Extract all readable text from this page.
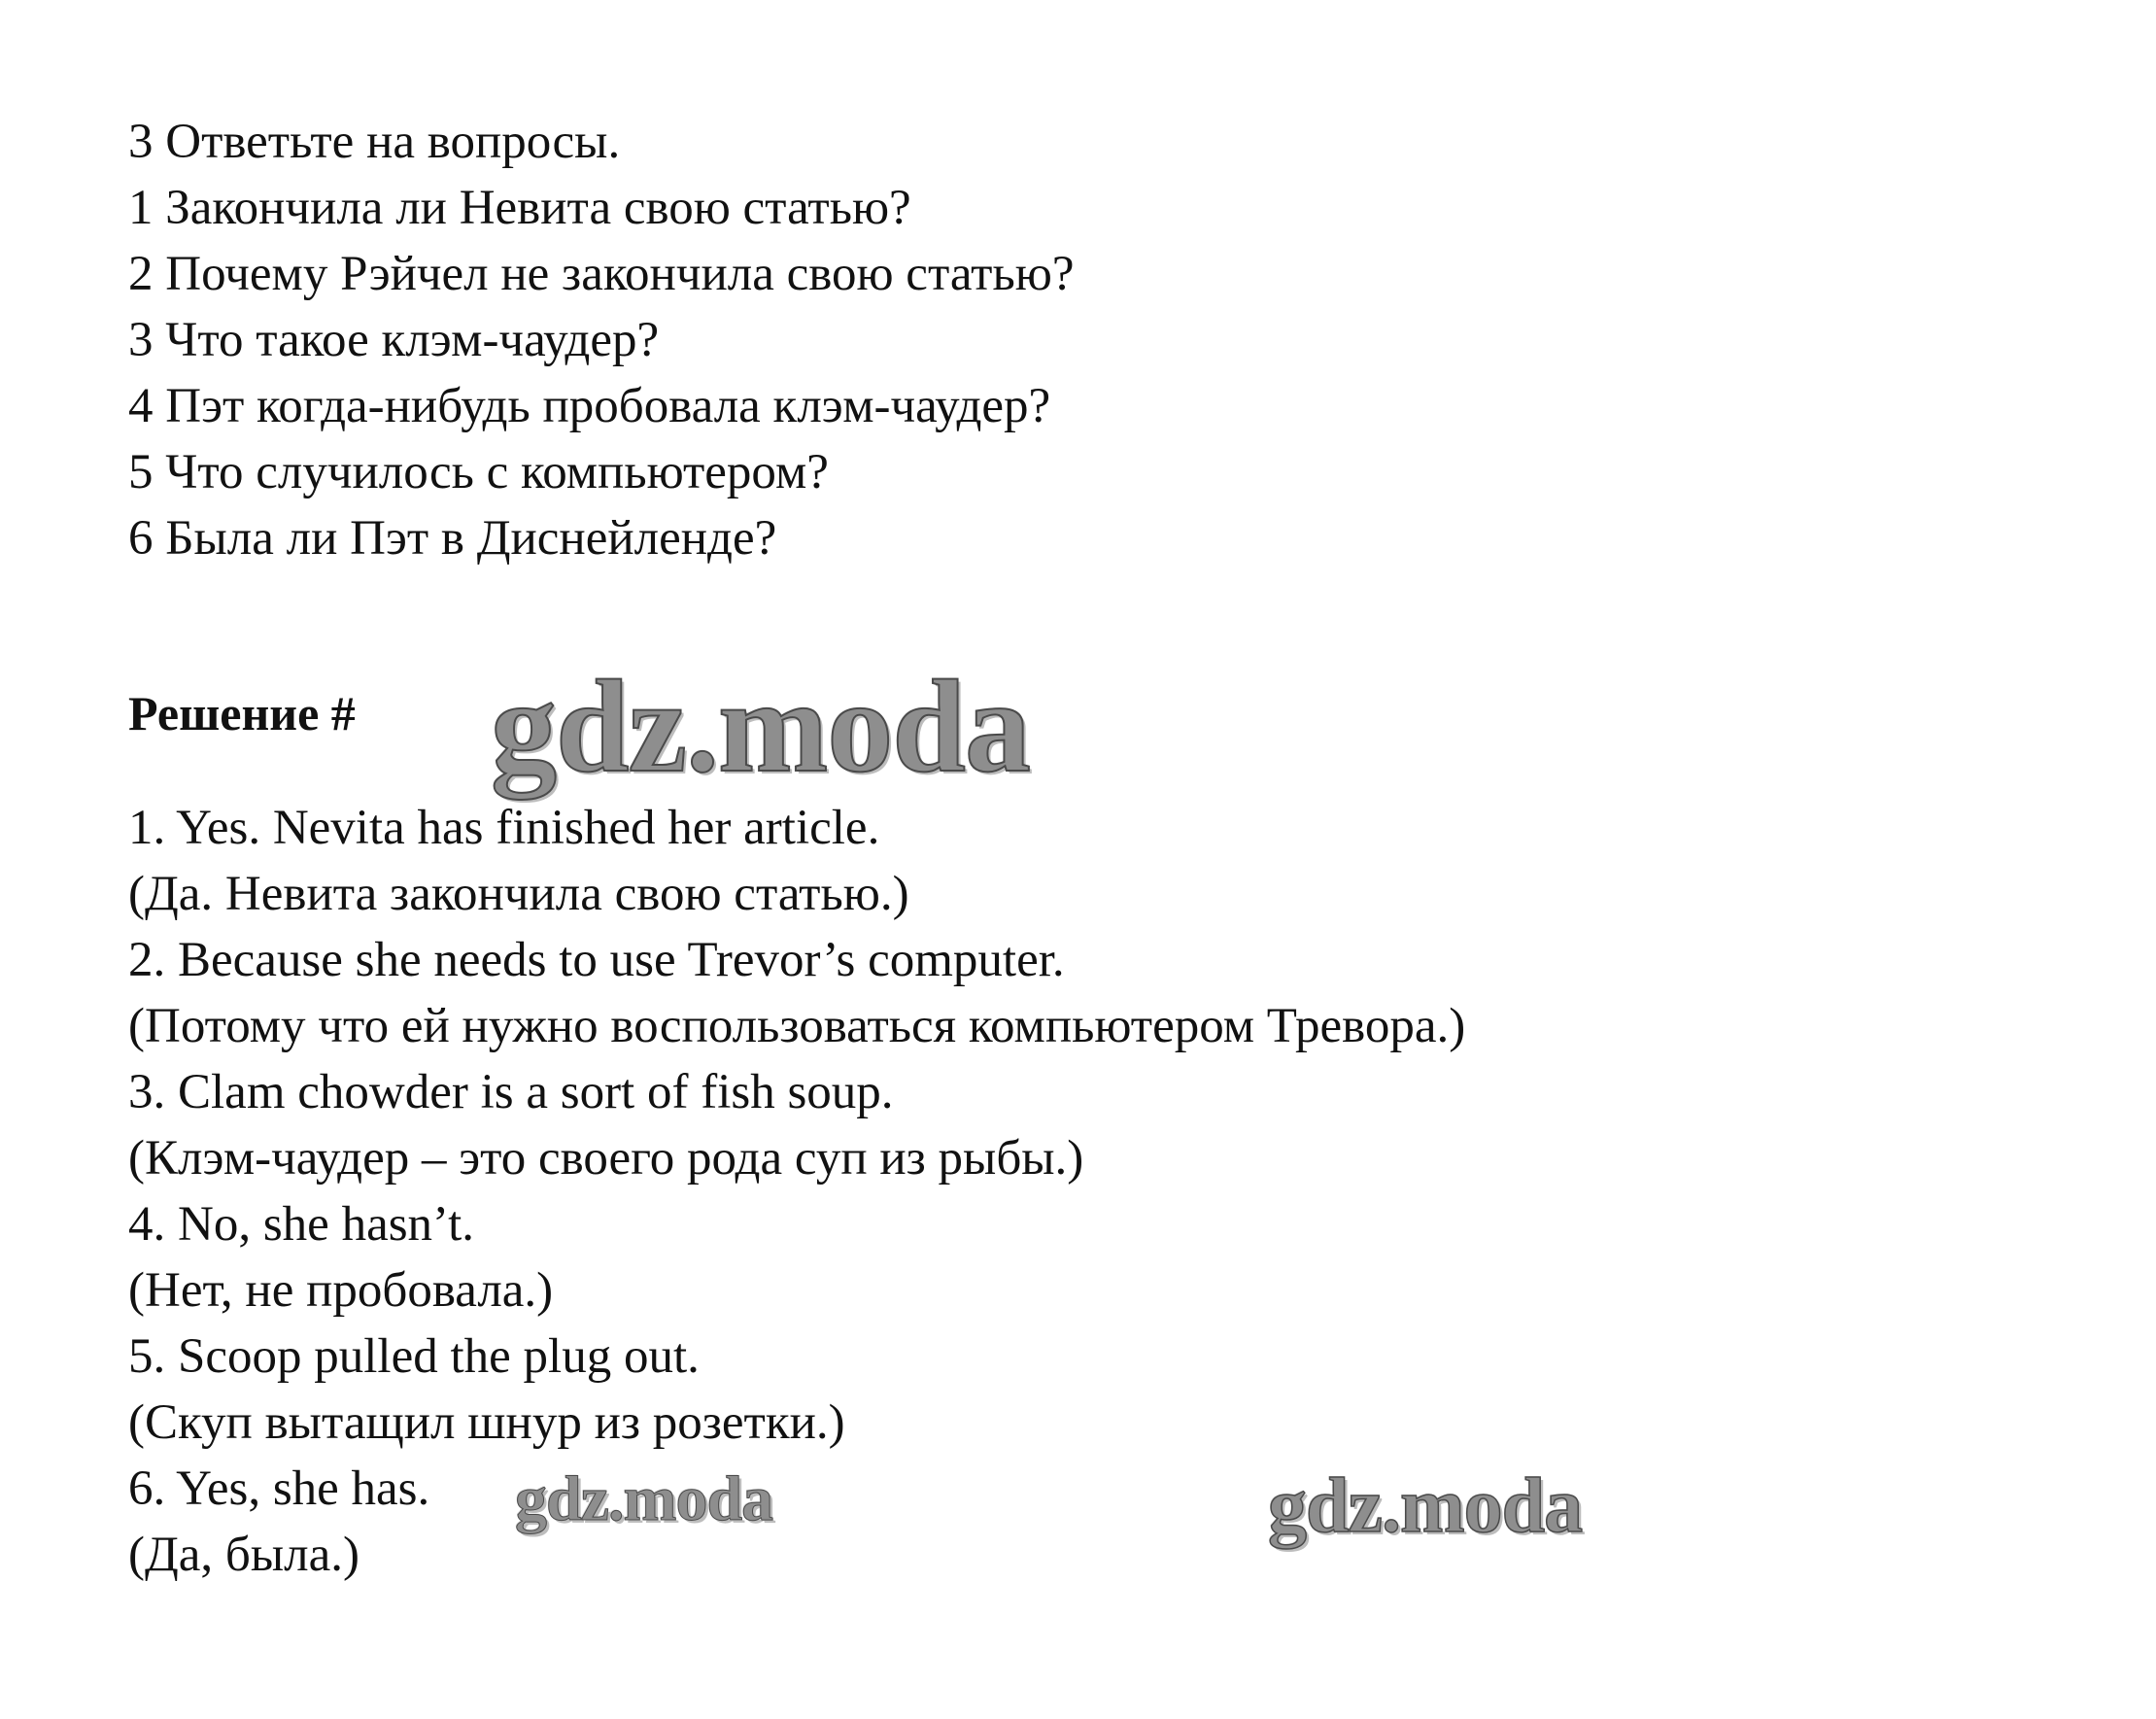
3 Ответьте на вопросы.
1 Закончила ли Невита свою статью?
2 Почему Рэйчел не закончила свою статью?
3 Что такое клэм-чаудер?
4 Пэт когда-нибудь пробовала клэм-чаудер?
5 Что случилось с компьютером?
6 Была ли Пэт в Диснейленде?
Решение # gdz.moda
1. Yes. Nevita has finished her article.
(Да. Невита закончила свою статью.)
2. Because she needs to use Trevor’s computer.
(Потому что ей нужно воспользоваться компьютером Тревора.)
3. Clam chowder is a sort of fish soup.
(Клэм-чаудер – это своего рода суп из рыбы.)
4. No, she hasn’t.
(Нет, не пробовала.)
5. Scoop pulled the plug out.
(Скуп вытащил шнур из розетки.)
6. Yes, she has.
(Да, была.)
gdz.moda	gdz.moda
